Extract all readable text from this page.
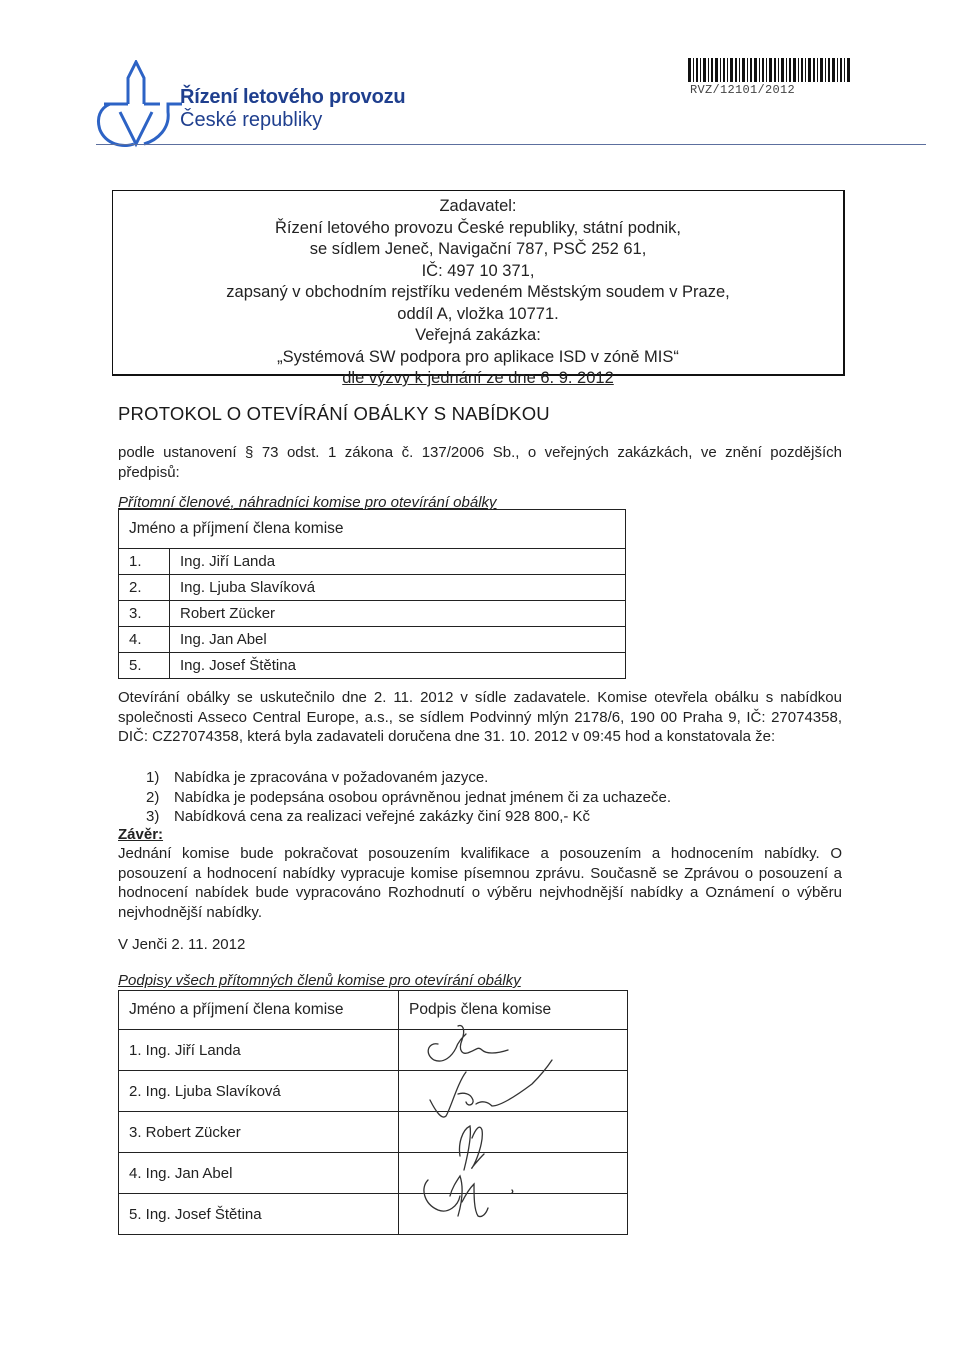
Řízení letového provozu
České republiky
RVZ/12101/2012
Zadavatel:
Řízení letového provozu České republiky, státní podnik,
se sídlem Jeneč, Navigační 787, PSČ 252 61,
IČ: 497 10 371,
zapsaný v obchodním rejstříku vedeném Městským soudem v Praze,
oddíl A, vložka 10771.
Veřejná zakázka:
„Systémová SW podpora pro aplikace ISD v zóně MIS“
dle výzvy k jednání ze dne 6. 9. 2012
PROTOKOL O OTEVÍRÁNÍ OBÁLKY S NABÍDKOU
podle ustanovení § 73 odst. 1 zákona č. 137/2006 Sb., o veřejných zakázkách, ve znění pozdějších předpisů:
Přítomní členové, náhradníci komise pro otevírání obálky
Jméno a příjmení člena komise	
1.	Ing. Jiří Landa
2.	Ing. Ljuba Slavíková
3.	Robert Zücker
4.	Ing. Jan Abel
5.	Ing. Josef Štětina
Otevírání obálky se uskutečnilo dne 2. 11. 2012 v sídle zadavatele. Komise otevřela obálku s nabídkou společnosti Asseco Central Europe, a.s., se sídlem Podvinný mlýn 2178/6, 190 00 Praha 9, IČ: 27074358, DIČ: CZ27074358, která byla zadavateli doručena dne 31. 10. 2012 v 09:45 hod a konstatovala že:
1) Nabídka je zpracována v požadovaném jazyce.
2) Nabídka je podepsána osobou oprávněnou jednat jménem či za uchazeče.
3) Nabídková cena za realizaci veřejné zakázky činí 928 800,- Kč
Závěr:
Jednání komise bude pokračovat posouzením kvalifikace a posouzením a hodnocením nabídky. O posouzení a hodnocení nabídky vypracuje komise písemnou zprávu. Současně se Zprávou o posouzení a hodnocení nabídek bude vypracováno Rozhodnutí o výběru nejvhodnější nabídky a Oznámení o výběru nejvhodnější nabídky.
V Jenči 2. 11. 2012
Podpisy všech přítomných členů komise pro otevírání obálky
Jméno a příjmení člena komise	Podpis člena komise
1. Ing. Jiří Landa	
2. Ing. Ljuba Slavíková	
3. Robert Zücker	
4. Ing. Jan Abel	
5. Ing. Josef Štětina	
